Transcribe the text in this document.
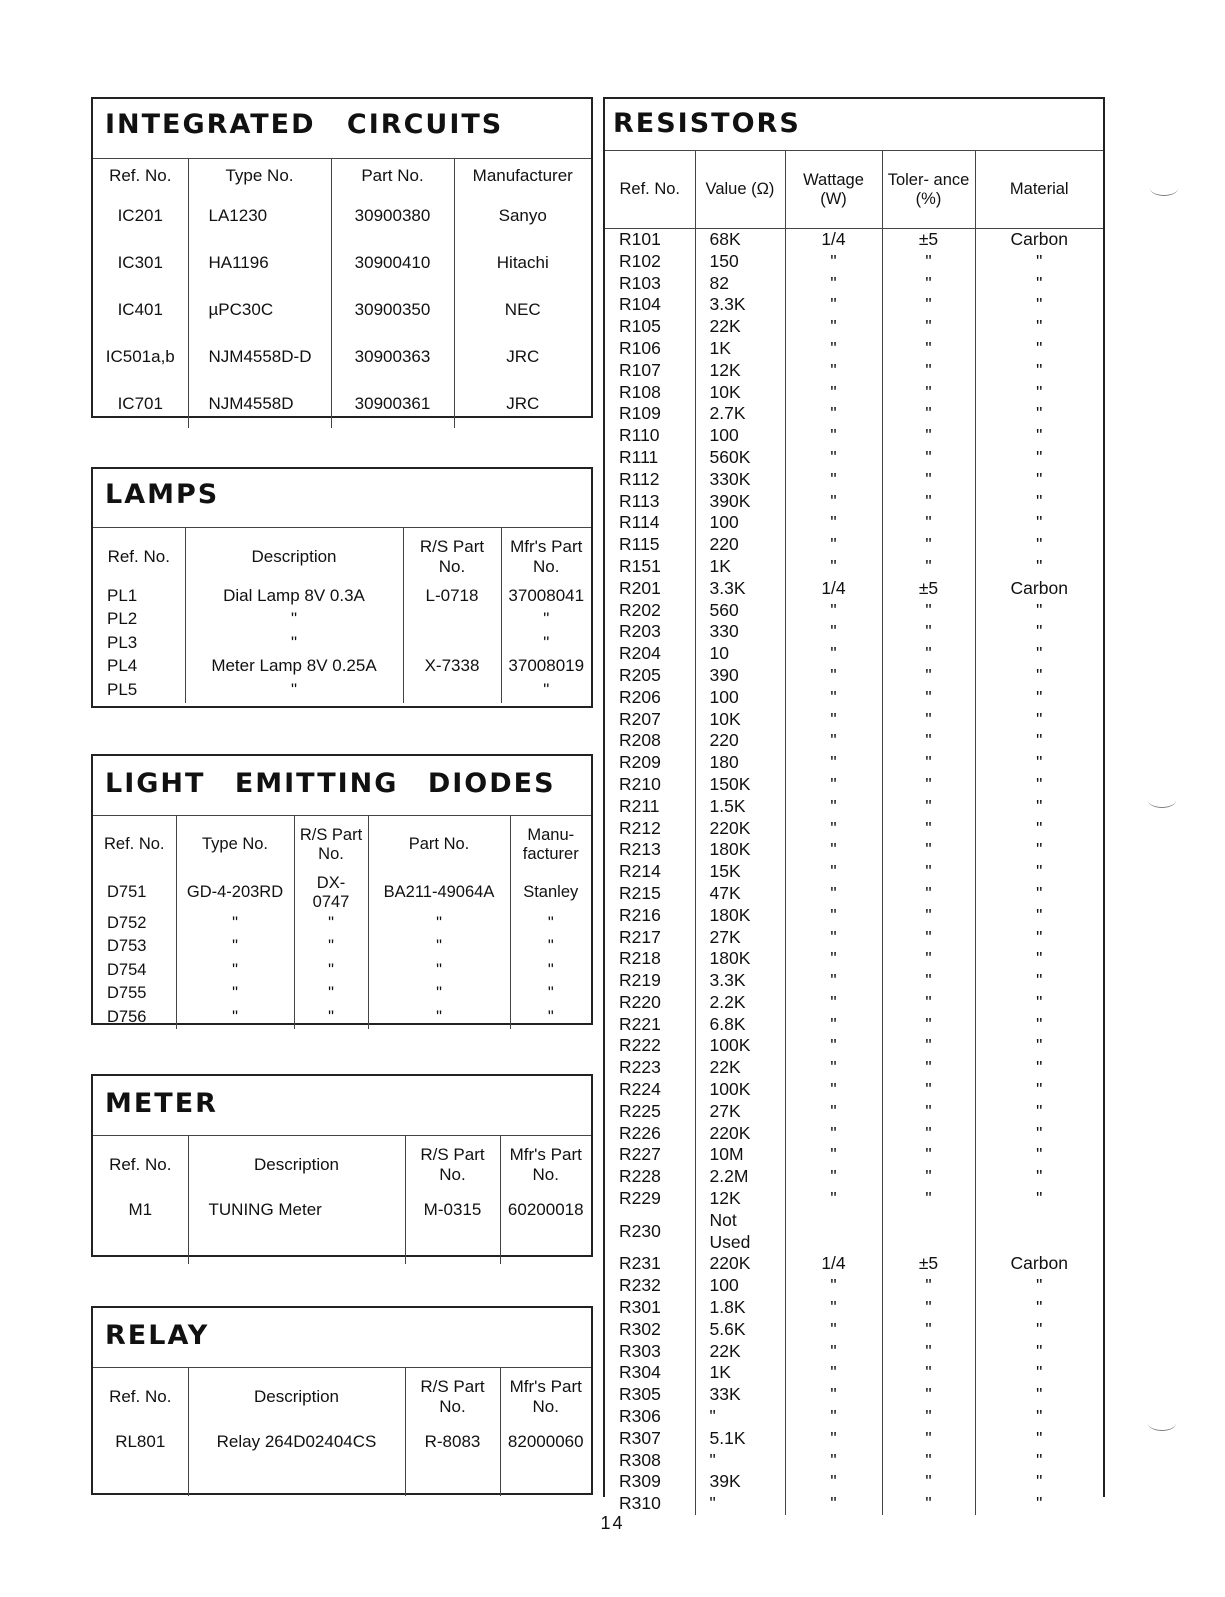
INTEGRATED CIRCUITS
Ref. No.	Type No.	Part No.	Manufacturer
IC201	LA1230	30900380	Sanyo
IC301	HA1196	30900410	Hitachi
IC401	µPC30C	30900350	NEC
IC501a,b	NJM4558D-D	30900363	JRC
IC701	NJM4558D	30900361	JRC
LAMPS
Ref. No.	Description	R/S Part No.	Mfr's Part No.
PL1	Dial Lamp 8V 0.3A	L-0718	37008041
PL2	"		"
PL3	"		"
PL4	Meter Lamp 8V 0.25A	X-7338	37008019
PL5	"		"
LIGHT EMITTING DIODES
Ref. No.	Type No.	R/S Part No.	Part No.	Manu- facturer
D751	GD-4-203RD	DX-0747	BA211-49064A	Stanley
D752	"	"	"	"
D753	"	"	"	"
D754	"	"	"	"
D755	"	"	"	"
D756	"	"	"	"
METER
Ref. No.	Description	R/S Part No.	Mfr's Part No.
M1	TUNING Meter	M-0315	60200018
RELAY
Ref. No.	Description	R/S Part No.	Mfr's Part No.
RL801	Relay 264D02404CS	R-8083	82000060
RESISTORS
Ref. No.	Value (Ω)	Wattage (W)	Toler- ance (%)	Material
R101	68K	1/4	±5	Carbon
R102	150	"	"	"
R103	82	"	"	"
R104	3.3K	"	"	"
R105	22K	"	"	"
R106	1K	"	"	"
R107	12K	"	"	"
R108	10K	"	"	"
R109	2.7K	"	"	"
R110	100	"	"	"
R111	560K	"	"	"
R112	330K	"	"	"
R113	390K	"	"	"
R114	100	"	"	"
R115	220	"	"	"
R151	1K	"	"	"
R201	3.3K	1/4	±5	Carbon
R202	560	"	"	"
R203	330	"	"	"
R204	10	"	"	"
R205	390	"	"	"
R206	100	"	"	"
R207	10K	"	"	"
R208	220	"	"	"
R209	180	"	"	"
R210	150K	"	"	"
R211	1.5K	"	"	"
R212	220K	"	"	"
R213	180K	"	"	"
R214	15K	"	"	"
R215	47K	"	"	"
R216	180K	"	"	"
R217	27K	"	"	"
R218	180K	"	"	"
R219	3.3K	"	"	"
R220	2.2K	"	"	"
R221	6.8K	"	"	"
R222	100K	"	"	"
R223	22K	"	"	"
R224	100K	"	"	"
R225	27K	"	"	"
R226	220K	"	"	"
R227	10M	"	"	"
R228	2.2M	"	"	"
R229	12K	"	"	"
R230	Not Used			
R231	220K	1/4	±5	Carbon
R232	100	"	"	"
R301	1.8K	"	"	"
R302	5.6K	"	"	"
R303	22K	"	"	"
R304	1K	"	"	"
R305	33K	"	"	"
R306	"	"	"	"
R307	5.1K	"	"	"
R308	"	"	"	"
R309	39K	"	"	"
R310	"	"	"	"
14
